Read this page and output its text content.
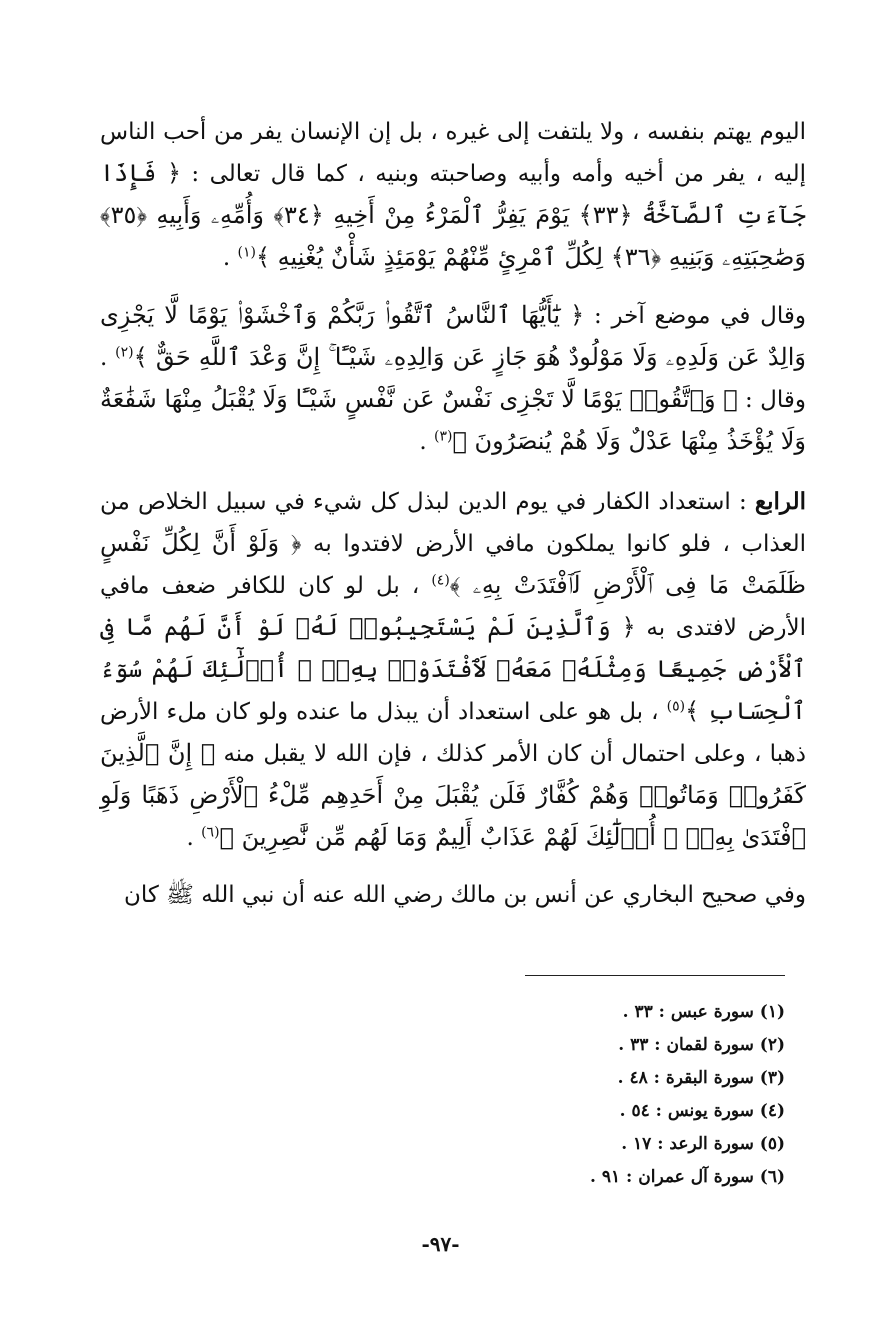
اليوم يهتم بنفسه ، ولا يلتفت إلى غيره ، بل إن الإنسان يفر من أحب الناس إليه ، يفر من أخيه وأمه وأبيه وصاحبته وبنيه ، كما قال تعالى : ﴿ فَإِذَا جَآءَتِ ٱلصَّآخَّةُ ﴿٣٣﴾ يَوْمَ يَفِرُّ ٱلْمَرْءُ مِنْ أَخِيهِ ﴿٣٤﴾ وَأُمِّهِۦ وَأَبِيهِ ﴿٣٥﴾ وَصَٰحِبَتِهِۦ وَبَنِيهِ ﴿٣٦﴾ لِكُلِّ ٱمْرِئٍ مِّنْهُمْ يَوْمَئِذٍ شَأْنٌ يُغْنِيهِ ﴾$^{(١)}$ .

وقال في موضع آخر : ﴿ يَٰٓأَيُّهَا ٱلنَّاسُ ٱتَّقُوا۟ رَبَّكُمْ وَٱخْشَوْا۟ يَوْمًا لَّا يَجْزِى وَالِدٌ عَن وَلَدِهِۦ وَلَا مَوْلُودٌ هُوَ جَازٍ عَن وَالِدِهِۦ شَيْـًٔا ۚ إِنَّ وَعْدَ ٱللَّهِ حَقٌّ ﴾$^{(٢)}$ . وقال : ﴿ وَٱتَّقُوا۟ يَوْمًا لَّا تَجْزِى نَفْسٌ عَن نَّفْسٍ شَيْـًٔا وَلَا يُقْبَلُ مِنْهَا شَفَٰعَةٌ وَلَا يُؤْخَذُ مِنْهَا عَدْلٌ وَلَا هُمْ يُنصَرُونَ ﴾$^{(٣)}$ .

الرابع : استعداد الكفار في يوم الدين لبذل كل شيء في سبيل الخلاص من العذاب ، فلو كانوا يملكون مافي الأرض لافتدوا به ﴿ وَلَوْ أَنَّ لِكُلِّ نَفْسٍ ظَلَمَتْ مَا فِى ٱلْأَرْضِ لَٱفْتَدَتْ بِهِۦ ﴾$^{(٤)}$ ، بل لو كان للكافر ضعف مافي الأرض لافتدى به ﴿ وَٱلَّذِينَ لَمْ يَسْتَجِيبُوا۟ لَهُۥ لَوْ أَنَّ لَهُم مَّا فِى ٱلْأَرْضِ جَمِيعًا وَمِثْلَهُۥ مَعَهُۥ لَٱفْتَدَوْا۟ بِهِۦٓ ۚ أُو۟لَٰٓئِكَ لَهُمْ سُوٓءُ ٱلْحِسَابِ ﴾$^{(٥)}$ ، بل هو على استعداد أن يبذل ما عنده ولو كان ملء الأرض ذهبا ، وعلى احتمال أن كان الأمر كذلك ، فإن الله لا يقبل منه ﴿ إِنَّ ٱلَّذِينَ كَفَرُوا۟ وَمَاتُوا۟ وَهُمْ كُفَّارٌ فَلَن يُقْبَلَ مِنْ أَحَدِهِم مِّلْءُ ٱلْأَرْضِ ذَهَبًا وَلَوِ ٱفْتَدَىٰ بِهِۦٓ ۗ أُو۟لَٰٓئِكَ لَهُمْ عَذَابٌ أَلِيمٌ وَمَا لَهُم مِّن نَّٰصِرِينَ ﴾$^{(٦)}$ .

وفي صحيح البخاري عن أنس بن مالك رضي الله عنه أن نبي الله ﷺ كان

(١) سورة عبس : ٣٣ .
(٢) سورة لقمان : ٣٣ .
(٣) سورة البقرة : ٤٨ .
(٤) سورة يونس : ٥٤ .
(٥) سورة الرعد : ١٧ .
(٦) سورة آل عمران : ٩١ .
-٩٧-
